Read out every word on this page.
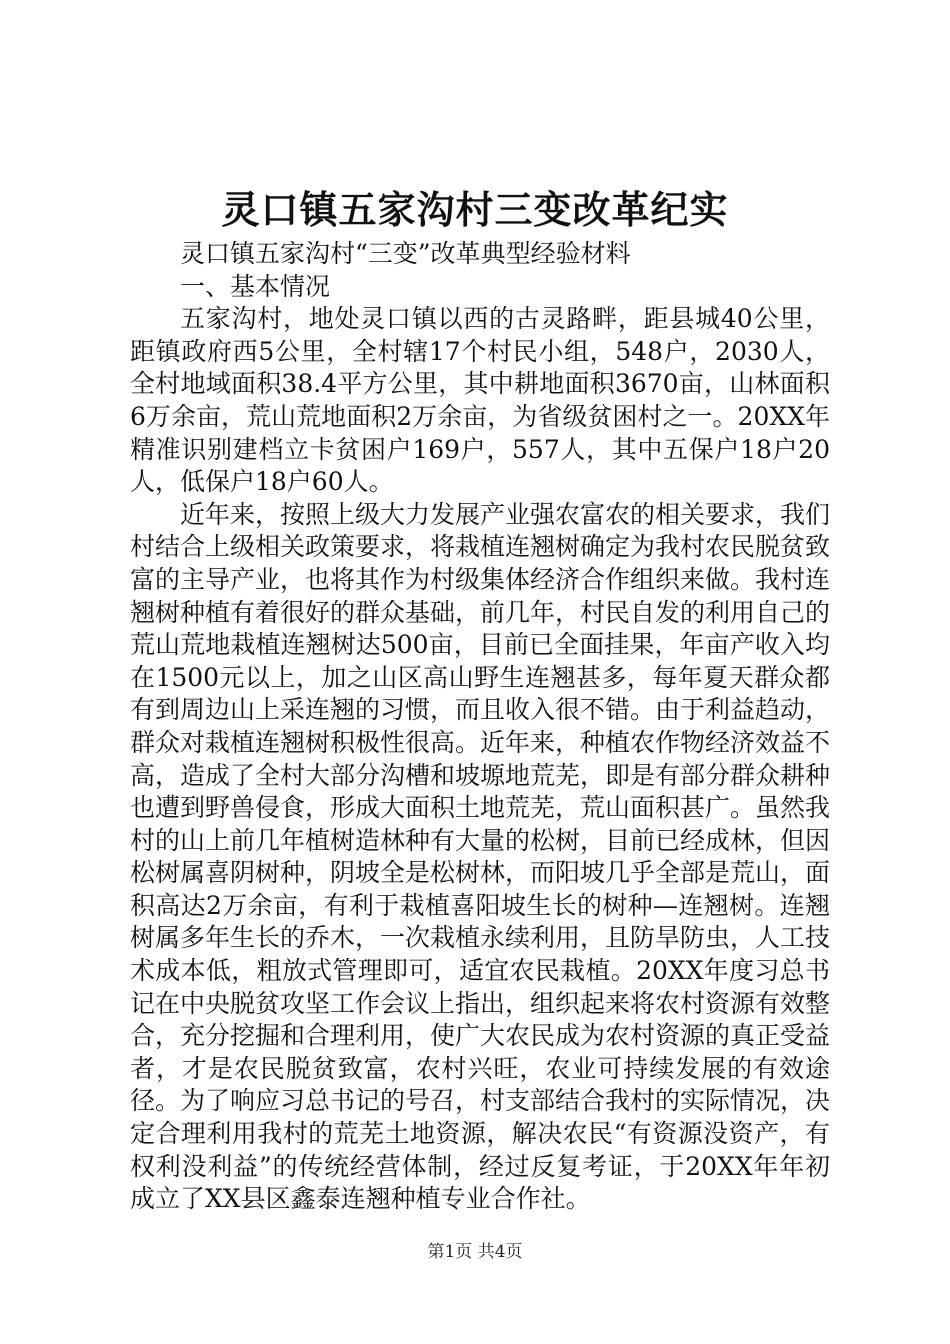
灵口镇五家沟村三变改革纪实

灵口镇五家沟村“三变”改革典型经验材料

一、基本情况

五家沟村，地处灵口镇以西的古灵路畔，距县城40公里，距镇政府西5公里，全村辖17个村民小组，548户，2030人，全村地域面积38.4平方公里，其中耕地面积3670亩，山林面积6万余亩，荒山荒地面积2万余亩，为省级贫困村之一。20XX年精准识别建档立卡贫困户169户，557人，其中五保户18户20人，低保户18户60人。

近年来，按照上级大力发展产业强农富农的相关要求，我们村结合上级相关政策要求，将栽植连翘树确定为我村农民脱贫致富的主导产业，也将其作为村级集体经济合作组织来做。我村连翘树种植有着很好的群众基础，前几年，村民自发的利用自己的荒山荒地栽植连翘树达500亩，目前已全面挂果，年亩产收入均在1500元以上，加之山区高山野生连翘甚多，每年夏天群众都有到周边山上采连翘的习惯，而且收入很不错。由于利益趋动，群众对栽植连翘树积极性很高。近年来，种植农作物经济效益不高，造成了全村大部分沟槽和坡塬地荒芜，即是有部分群众耕种也遭到野兽侵食，形成大面积土地荒芜，荒山面积甚广。虽然我村的山上前几年植树造林种有大量的松树，目前已经成林，但因松树属喜阴树种，阴坡全是松树林，而阳坡几乎全部是荒山，面积高达2万余亩，有利于栽植喜阳坡生长的树种—连翘树。连翘树属多年生长的乔木，一次栽植永续利用，且防旱防虫，人工技术成本低，粗放式管理即可，适宜农民栽植。20XX年度习总书记在中央脱贫攻坚工作会议上指出，组织起来将农村资源有效整合，充分挖掘和合理利用，使广大农民成为农村资源的真正受益者，才是农民脱贫致富，农村兴旺，农业可持续发展的有效途径。为了响应习总书记的号召，村支部结合我村的实际情况，决定合理利用我村的荒芜土地资源，解决农民“有资源没资产，有权利没利益”的传统经营体制，经过反复考证，于20XX年年初成立了XX县区鑫泰连翘种植专业合作社。

第1页 共4页
